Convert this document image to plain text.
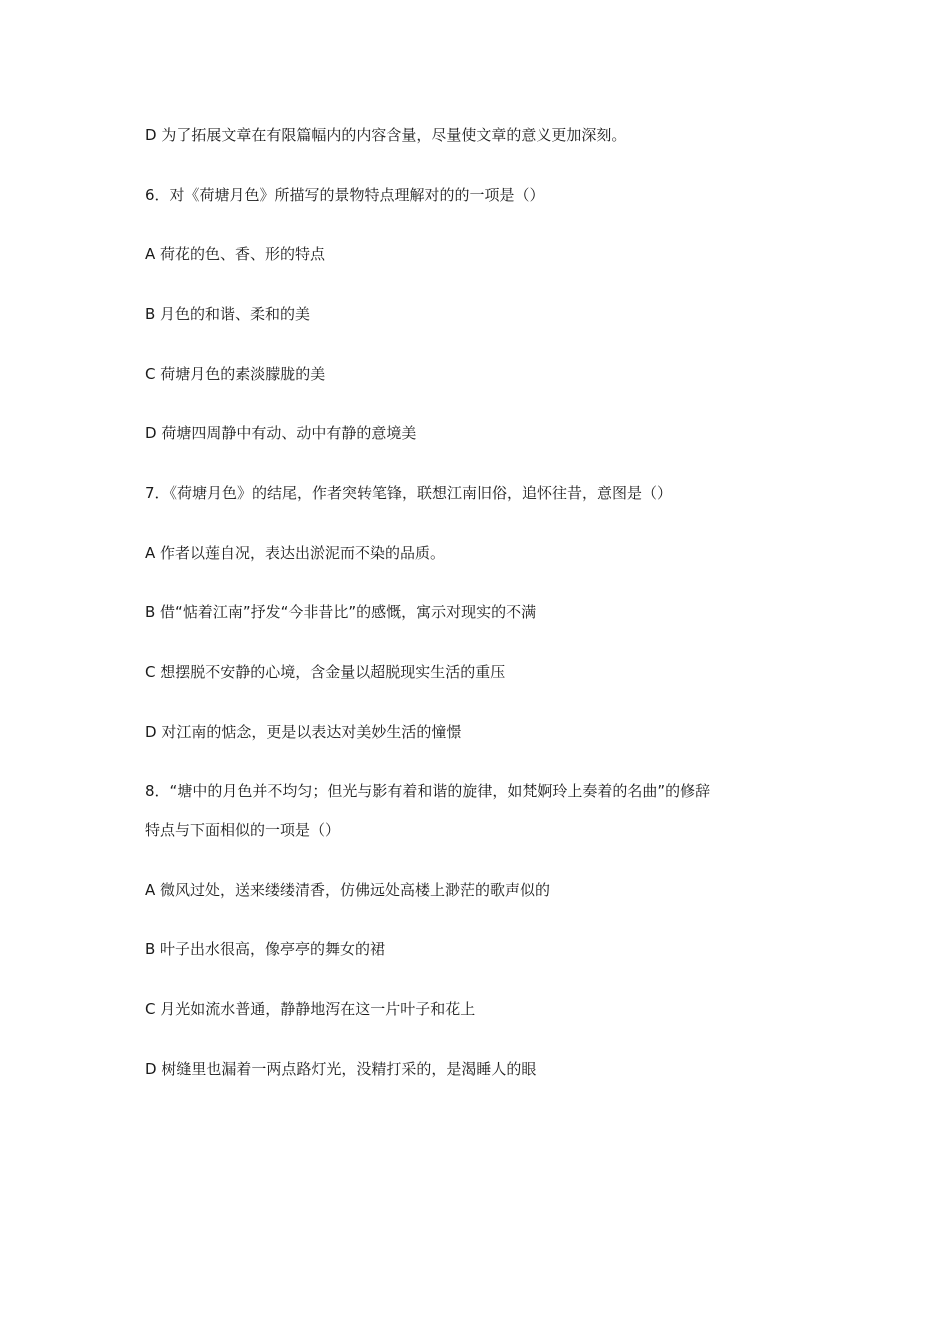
D 为了拓展文章在有限篇幅内的内容含量，尽量使文章的意义更加深刻。
6．对《荷塘月色》所描写的景物特点理解对的的一项是（）
A 荷花的色、香、形的特点
B 月色的和谐、柔和的美
C 荷塘月色的素淡朦胧的美
D 荷塘四周静中有动、动中有静的意境美
7．《荷塘月色》的结尾，作者突转笔锋，联想江南旧俗，追怀往昔，意图是（）
A 作者以莲自况，表达出淤泥而不染的品质。
B 借“惦着江南”抒发“今非昔比”的感慨，寓示对现实的不满
C 想摆脱不安静的心境，含金量以超脱现实生活的重压
D 对江南的惦念，更是以表达对美妙生活的憧憬
8．“塘中的月色并不均匀；但光与影有着和谐的旋律，如梵婀玲上奏着的名曲”的修辞
特点与下面相似的一项是（）
A 微风过处，送来缕缕清香，仿佛远处高楼上渺茫的歌声似的
B 叶子出水很高，像亭亭的舞女的裙
C 月光如流水普通，静静地泻在这一片叶子和花上
D 树缝里也漏着一两点路灯光，没精打采的，是渴睡人的眼
